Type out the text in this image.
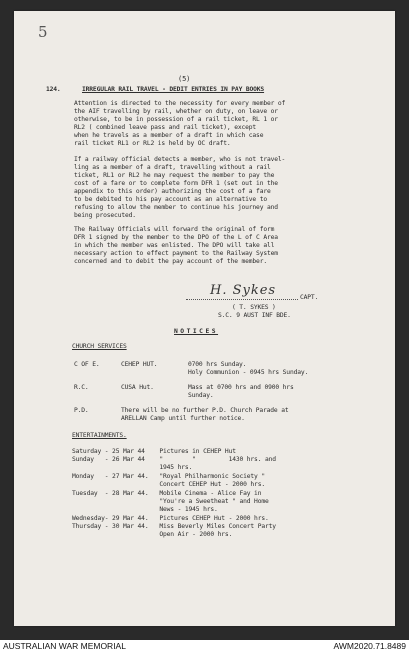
5
(5)
124.	IRREGULAR RAIL TRAVEL - DEDIT ENTRIES IN PAY BOOKS
Attention is directed to the necessity for every member of
the AIF travelling by rail, whether on duty, on leave or
otherwise, to be in possession of a rail ticket, RL 1 or
RL2 ( combined leave pass and rail ticket), except
when he travels as a member of a draft in which case
rail ticket RL1 or RL2 is held by OC draft.
If a railway official detects a member, who is not travel-
ling as a member of a draft, travelling without a rail
ticket, RL1 or RL2 he may request the member to pay the
cost of a fare or to complete form DFR 1 (set out in the
appendix to this order) authorizing the cost of a fare
to be debited to his pay account as an alternative to
refusing to allow the member to continue his journey and
being prosecuted.
The Railway Officials will forward the original of form
DFR 1 signed by the member to the DPO of the L of C Area
in which the member was enlisted. The DPO will take all
necessary action to effect payment to the Railway System
concerned and to debit the pay account of the member.
H. Sykes	CAPT.
( T. SYKES )
S.C. 9 AUST INF BDE.
NOTICES
CHURCH SERVICES
C OF E.	CEHEP HUT.	0700 hrs Sunday.
Holy Communion - 0945 hrs Sunday.
R.C.	CUSA Hut.	Mass at 0700 hrs and 0900 hrs
Sunday.
P.D.	There will be no further P.D. Church Parade at
ARELLAN Camp until further notice.
ENTERTAINMENTS.
Saturday - 25 Mar 44    Pictures in CEHEP Hut
Sunday   - 26 Mar 44    "        "         1430 hrs. and
1945 hrs.
Monday   - 27 Mar 44.   "Royal Philharmonic Society "
Concert CEHEP Hut - 2000 hrs.
Tuesday  - 28 Mar 44.   Mobile Cinema - Alice Fay in
"You're a Sweetheat " and Home
News - 1945 hrs.
Wednesday- 29 Mar 44.   Pictures CEHEP Hut - 2000 hrs.
Thursday - 30 Mar 44.   Miss Beverly Miles Concert Party
Open Air - 2000 hrs.
AUSTRALIAN WAR MEMORIAL	AWM2020.71.8489
